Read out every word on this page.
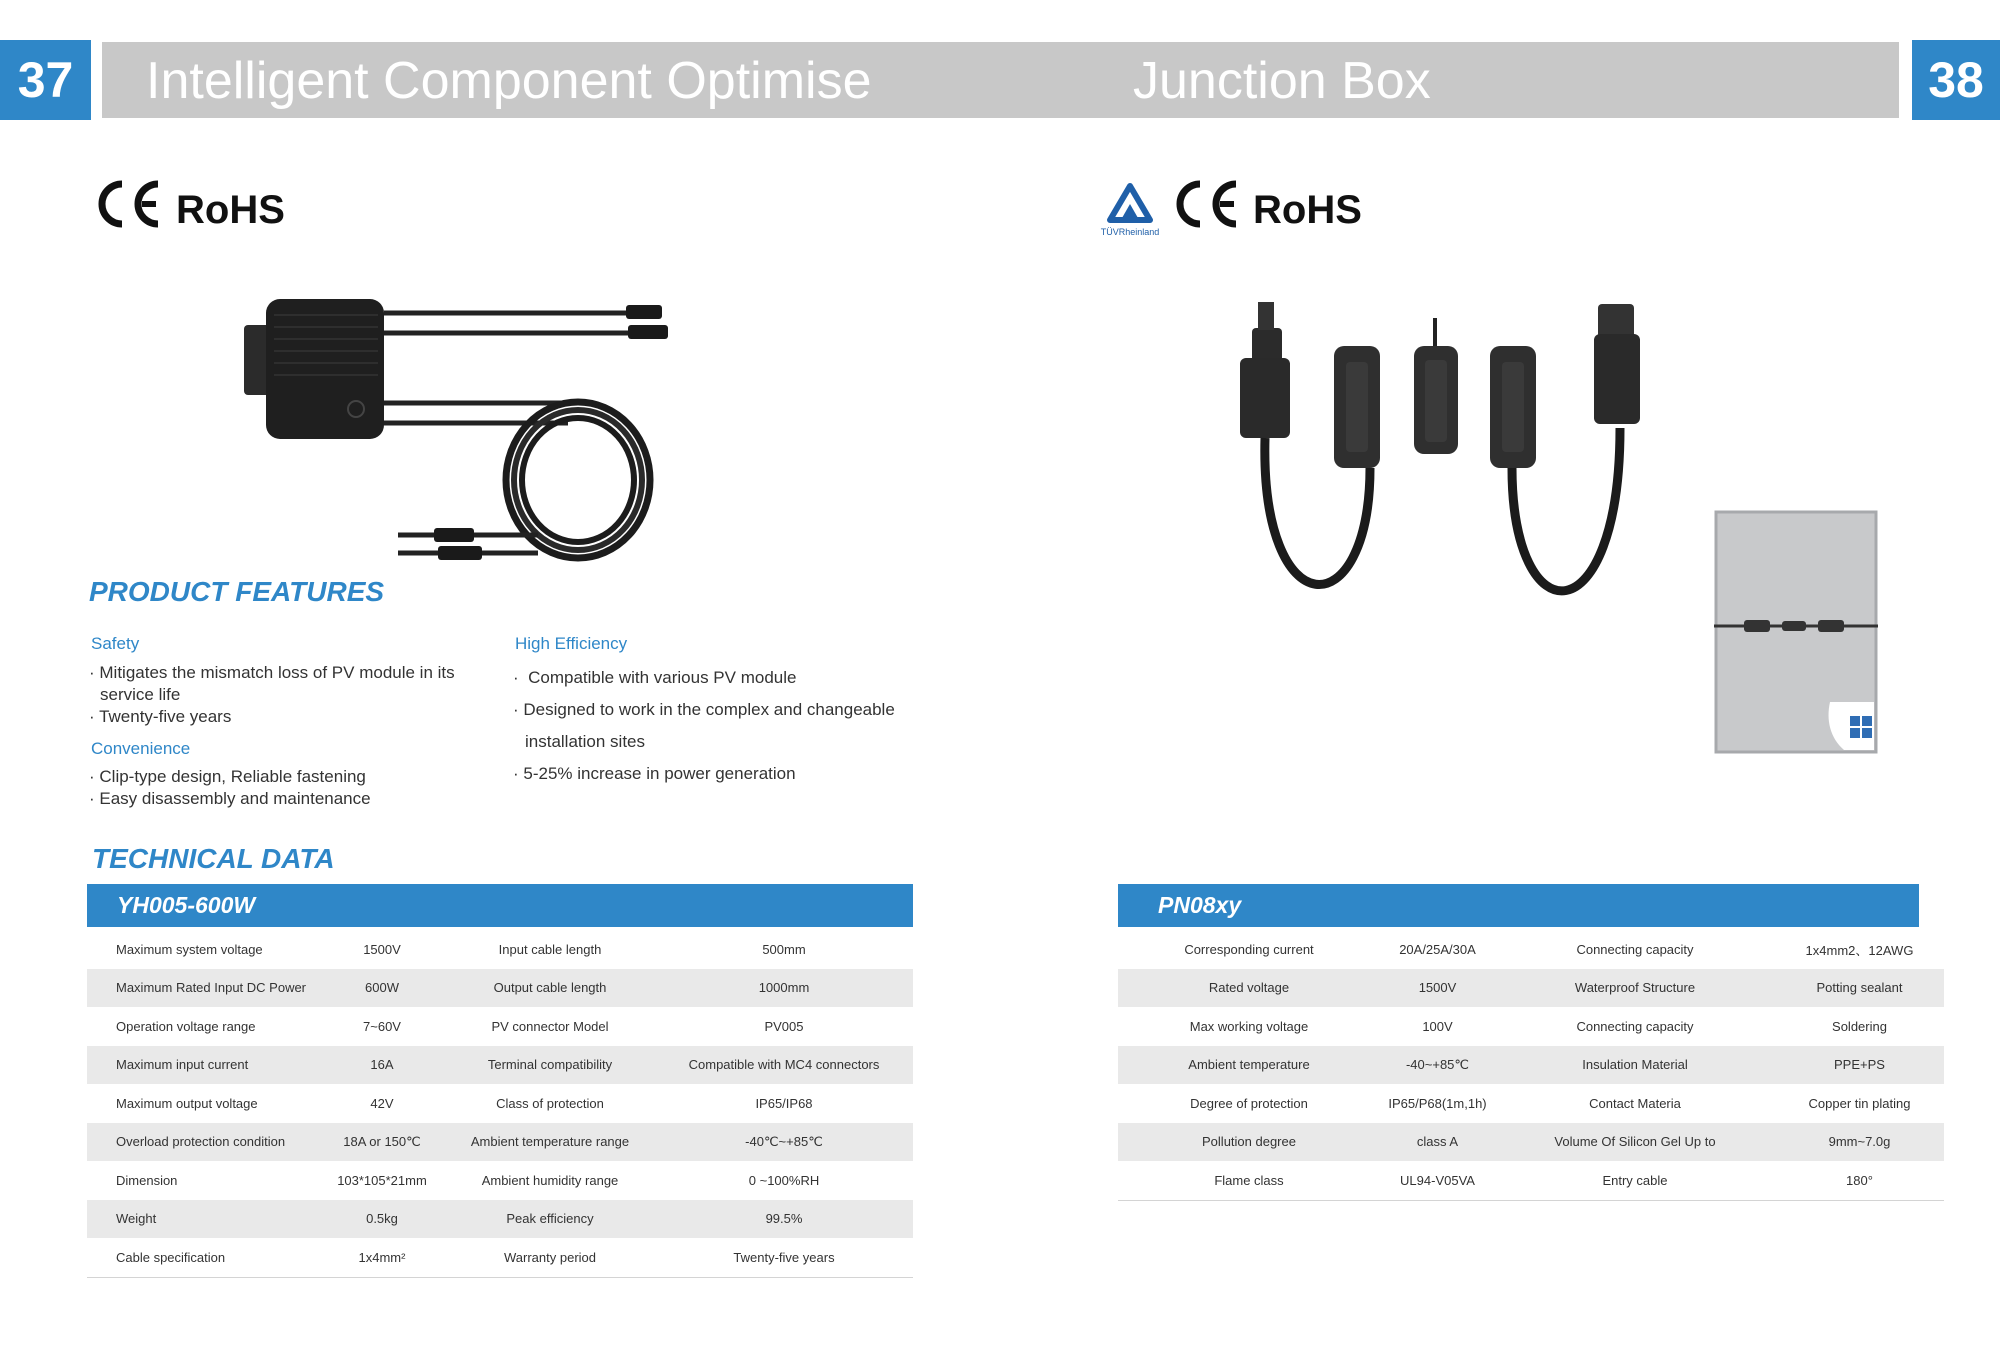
37	38
Intelligent Component Optimise	Junction Box
RoHS
PRODUCT FEATURES
Safety
· Mitigates the mismatch loss of PV module in its service life
· Twenty-five years
Convenience
· Clip-type design, Reliable fastening
· Easy disassembly and maintenance
High Efficiency
·  Compatible with various PV module
· Designed to work in the complex and changeable installation sites
· 5-25% increase in power generation
TECHNICAL DATA
YH005-600W
Maximum system voltage	1500V	Input cable length	500mm
Maximum Rated Input DC Power	600W	Output cable length	1000mm
Operation voltage range	7~60V	PV connector Model	PV005
Maximum input current	16A	Terminal compatibility	Compatible with MC4 connectors
Maximum output voltage	42V	Class of protection	IP65/IP68
Overload protection condition	18A or 150℃	Ambient temperature range	-40℃~+85℃
Dimension	103*105*21mm	Ambient humidity range	0 ~100%RH
Weight	0.5kg	Peak efficiency	99.5%
Cable specification	1x4mm²	Warranty period	Twenty-five years
TÜVRheinland RoHS
PN08xy
Corresponding current	20A/25A/30A	Connecting capacity	1x4mm2、12AWG
Rated voltage	1500V	Waterproof Structure	Potting sealant
Max working voltage	100V	Connecting capacity	Soldering
Ambient temperature	-40~+85℃	Insulation Material	PPE+PS
Degree of protection	IP65/P68(1m,1h)	Contact Materia	Copper tin plating
Pollution degree	class A	Volume Of Silicon Gel Up to	9mm~7.0g
Flame class	UL94-V05VA	Entry cable	180°
